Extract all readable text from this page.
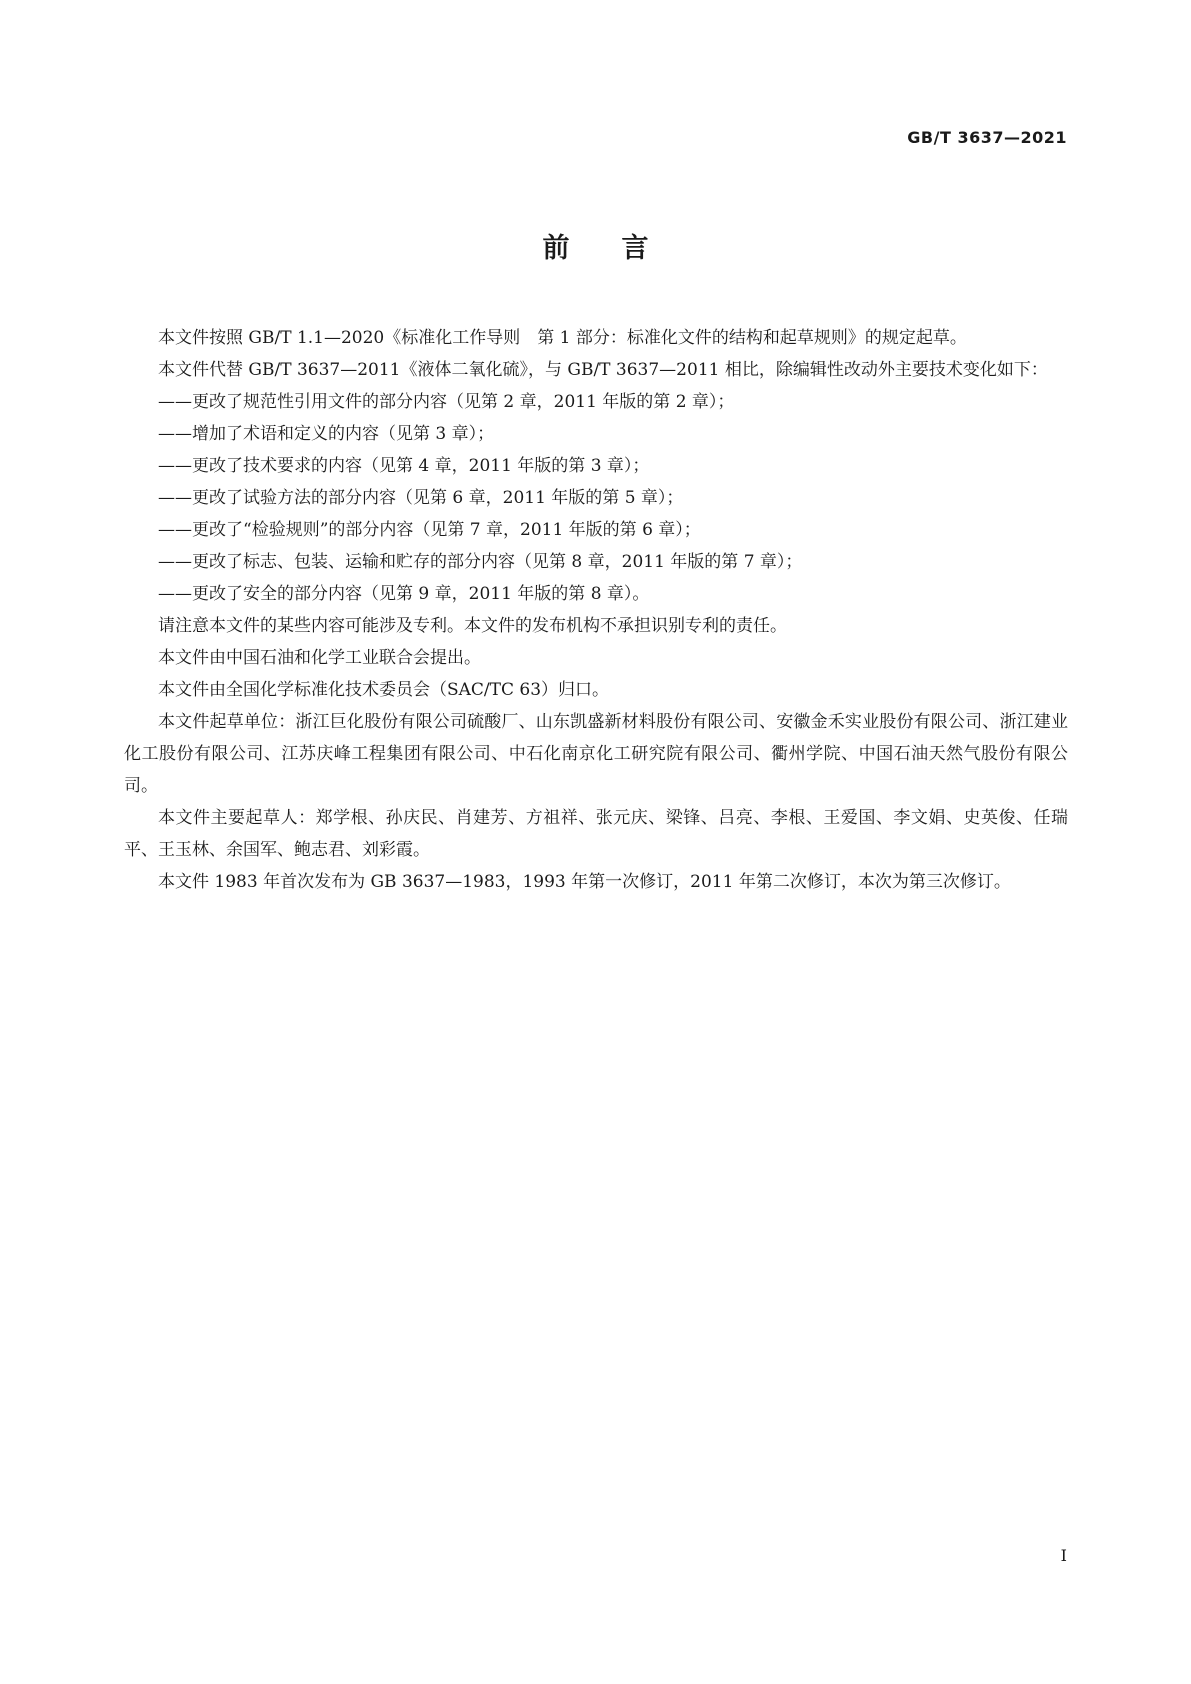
GB/T 3637—2021
前言

本文件按照 GB/T 1.1—2020《标准化工作导则　第 1 部分：标准化文件的结构和起草规则》的规定起草。

本文件代替 GB/T 3637—2011《液体二氧化硫》，与 GB/T 3637—2011 相比，除编辑性改动外主要技术变化如下：

——更改了规范性引用文件的部分内容（见第 2 章，2011 年版的第 2 章）；

——增加了术语和定义的内容（见第 3 章）；

——更改了技术要求的内容（见第 4 章，2011 年版的第 3 章）；

——更改了试验方法的部分内容（见第 6 章，2011 年版的第 5 章）；

——更改了“检验规则”的部分内容（见第 7 章，2011 年版的第 6 章）；

——更改了标志、包装、运输和贮存的部分内容（见第 8 章，2011 年版的第 7 章）；

——更改了安全的部分内容（见第 9 章，2011 年版的第 8 章）。

请注意本文件的某些内容可能涉及专利。本文件的发布机构不承担识别专利的责任。

本文件由中国石油和化学工业联合会提出。

本文件由全国化学标准化技术委员会（SAC/TC 63）归口。

本文件起草单位：浙江巨化股份有限公司硫酸厂、山东凯盛新材料股份有限公司、安徽金禾实业股份有限公司、浙江建业化工股份有限公司、江苏庆峰工程集团有限公司、中石化南京化工研究院有限公司、衢州学院、中国石油天然气股份有限公司。

本文件主要起草人：郑学根、孙庆民、肖建芳、方祖祥、张元庆、梁锋、吕亮、李根、王爱国、李文娟、史英俊、任瑞平、王玉林、余国军、鲍志君、刘彩霞。

本文件 1983 年首次发布为 GB 3637—1983，1993 年第一次修订，2011 年第二次修订，本次为第三次修订。

I
